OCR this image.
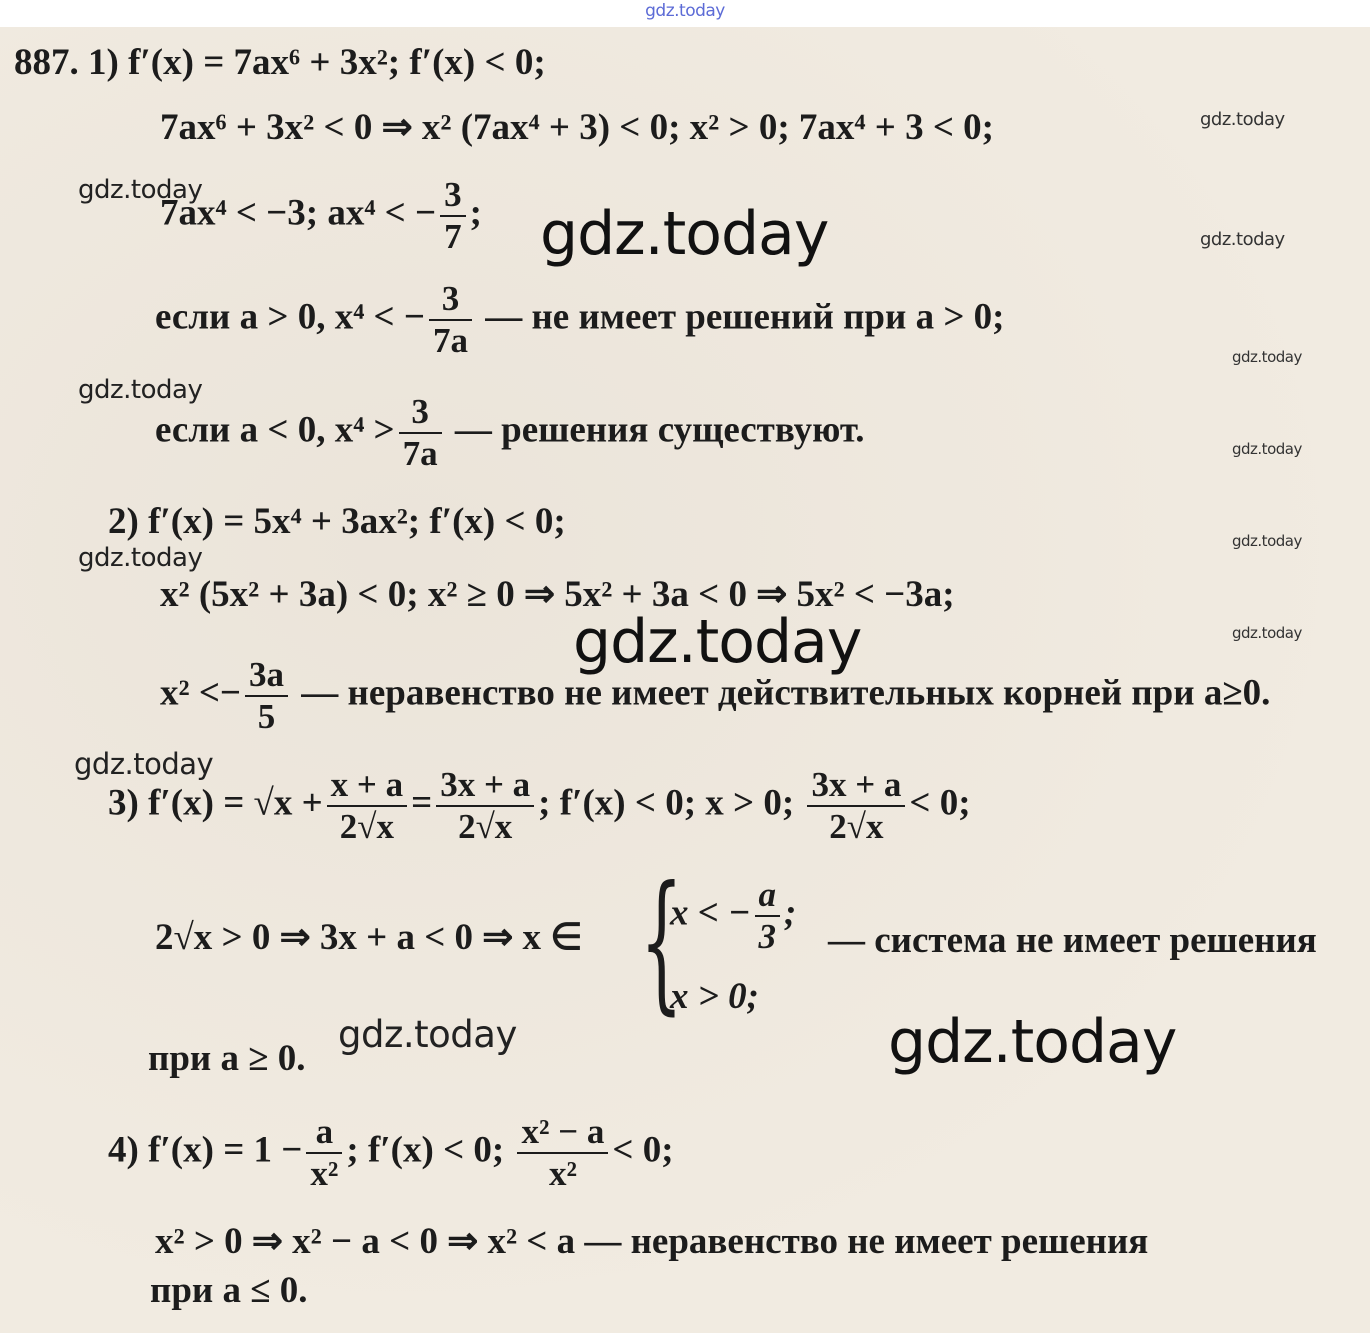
gdz.today
887. 1) f′(x) = 7ax⁶ + 3x²; f′(x) < 0;
7ax⁶ + 3x² < 0 ⇒ x² (7ax⁴ + 3) < 0; x² > 0; 7ax⁴ + 3 < 0;
7ax⁴ < −3; ax⁴ < − $\frac{3}{7}$ ;
если a > 0, x⁴ < − $\frac{3}{7a}$ — не имеет решений при a > 0;
если a < 0, $x^4 > \frac{3}{7a}$ — решения существуют.
2) f′(x) = 5x⁴ + 3ax²; f′(x) < 0;
x² (5x² + 3a) < 0; x² ≥ 0 ⇒ 5x² + 3a < 0 ⇒ 5x² < −3a;
$x^2 <- \frac{3a}{5}$ — неравенство не имеет действительных корней при a≥0.
3) $f'(x) = √x + \frac{x + a}{2√x} = \frac{3x + a}{2√x}$ ; f′(x) < 0; x > 0; $\frac{3x + a}{2√x} < 0$;
2√x > 0 ⇒ 3x + a < 0 ⇒ x ∈ {
x < − $\frac{a}{3}$ ;
x > 0;
— система не имеет решения
при a ≥ 0.
4) $f'(x) = 1 - \frac{a}{\text{x²}}$ ; f′(x) < 0; $\frac{\text{x² − a}}{\text{x²}} < 0$;
x² > 0 ⇒ x² − a < 0 ⇒ x² < a — неравенство не имеет решения
при a ≤ 0.
gdz.today
gdz.today
gdz.today	gdz.today
gdz.today
gdz.today
gdz.today
gdz.today
gdz.today
gdz.today	gdz.today
gdz.today
gdz.today	gdz.today
